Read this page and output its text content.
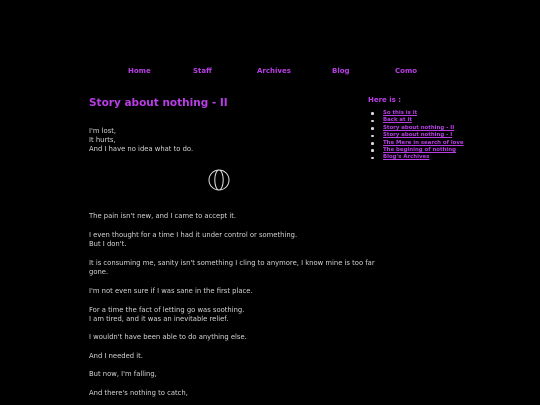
Home	Staff	Archives	Blog	Como
Story about nothing - II
I'm lost,
It hurts,
And I have no idea what to do.
The pain isn't new, and I came to accept it.
I even thought for a time I had it under control or something.
But I don't.
It is consuming me, sanity isn't something I cling to anymore, I know mine is too far
gone.
I'm not even sure if I was sane in the first place.
For a time the fact of letting go was soothing.
I am tired, and it was an inevitable relief.
I wouldn't have been able to do anything else.
And I needed it.
But now, I'm falling,
And there's nothing to catch,
Here is :
So this is it
Back at it
Story about nothing - II
Story about nothing - I
The Mere in search of love
The begining of nothing
Blog's Archives
